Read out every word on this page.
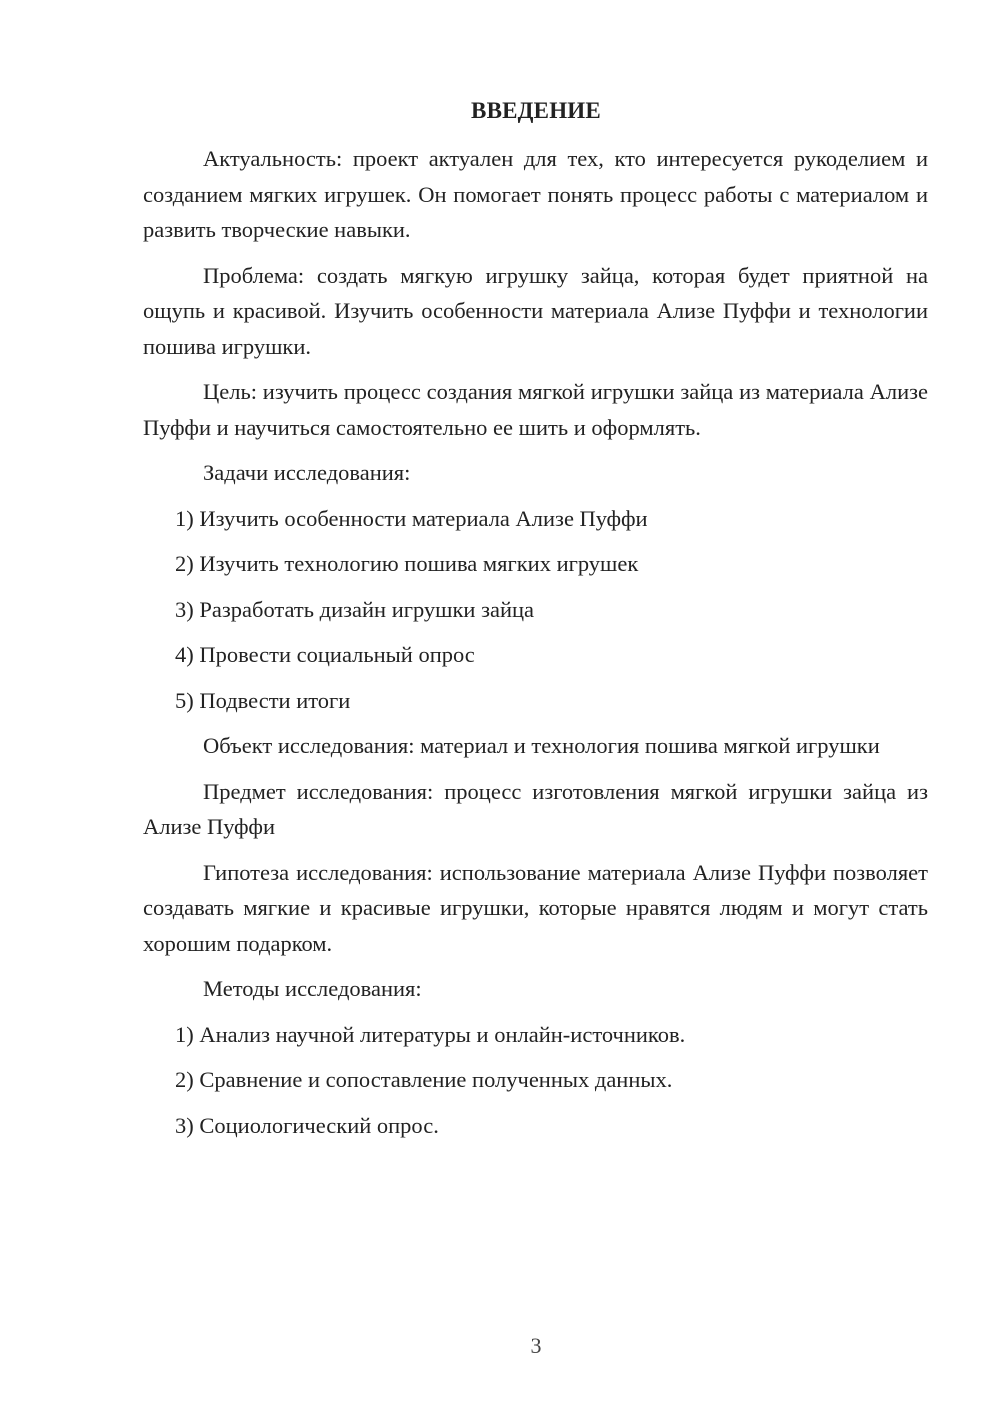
ВВЕДЕНИЕ

Актуальность: проект актуален для тех, кто интересуется рукоделием и созданием мягких игрушек. Он помогает понять процесс работы с материалом и развить творческие навыки.

Проблема: создать мягкую игрушку зайца, которая будет приятной на ощупь и красивой. Изучить особенности материала Ализе Пуффи и технологии пошива игрушки.

Цель: изучить процесс создания мягкой игрушки зайца из материала Ализе Пуффи и научиться самостоятельно ее шить и оформлять.

Задачи исследования:
1) Изучить особенности материала Ализе Пуффи
2) Изучить технологию пошива мягких игрушек
3) Разработать дизайн игрушки зайца
4) Провести социальный опрос
5) Подвести итоги

Объект исследования: материал и технология пошива мягкой игрушки

Предмет исследования: процесс изготовления мягкой игрушки зайца из Ализе Пуффи

Гипотеза исследования: использование материала Ализе Пуффи позволяет создавать мягкие и красивые игрушки, которые нравятся людям и могут стать хорошим подарком.

Методы исследования:
1) Анализ научной литературы и онлайн-источников.
2) Сравнение и сопоставление полученных данных.
3) Социологический опрос.
3
